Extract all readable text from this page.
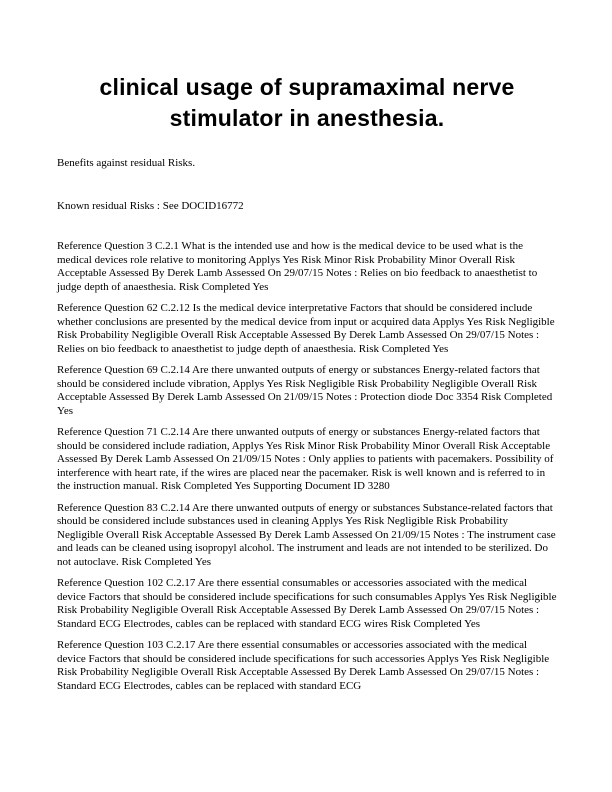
clinical usage of supramaximal nerve stimulator in anesthesia.
Benefits against residual Risks.
Known residual Risks : See DOCID16772

Reference Question 3 C.2.1 What is the intended use and how is the medical device to be used what is the medical devices role relative to monitoring Applys Yes Risk Minor Risk Probability Minor Overall Risk Acceptable Assessed By Derek Lamb Assessed On 29/07/15 Notes : Relies on bio feedback to anaesthetist to judge depth of anaesthesia. Risk Completed Yes

Reference Question 62 C.2.12 Is the medical device interpretative Factors that should be considered include whether conclusions are presented by the medical device from input or acquired data Applys Yes Risk Negligible Risk Probability Negligible Overall Risk Acceptable Assessed By Derek Lamb Assessed On 29/07/15 Notes : Relies on bio feedback to anaesthetist to judge depth of anaesthesia. Risk Completed Yes

Reference Question 69 C.2.14 Are there unwanted outputs of energy or substances Energy-related factors that should be considered include vibration, Applys Yes Risk Negligible Risk Probability Negligible Overall Risk Acceptable Assessed By Derek Lamb Assessed On 21/09/15 Notes : Protection diode Doc 3354 Risk Completed Yes

Reference Question 71 C.2.14 Are there unwanted outputs of energy or substances Energy-related factors that should be considered include radiation, Applys Yes Risk Minor Risk Probability Minor Overall Risk Acceptable Assessed By Derek Lamb Assessed On 21/09/15 Notes : Only applies to patients with pacemakers. Possibility of interference with heart rate, if the wires are placed near the pacemaker. Risk is well known and is referred to in the instruction manual. Risk Completed Yes Supporting Document ID 3280

Reference Question 83 C.2.14 Are there unwanted outputs of energy or substances Substance-related factors that should be considered include substances used in cleaning Applys Yes Risk Negligible Risk Probability Negligible Overall Risk Acceptable Assessed By Derek Lamb Assessed On 21/09/15 Notes : The instrument case and leads can be cleaned using isopropyl alcohol. The instrument and leads are not intended to be sterilized. Do not autoclave. Risk Completed Yes

Reference Question 102 C.2.17 Are there essential consumables or accessories associated with the medical device Factors that should be considered include specifications for such consumables Applys Yes Risk Negligible Risk Probability Negligible Overall Risk Acceptable Assessed By Derek Lamb Assessed On 29/07/15 Notes : Standard ECG Electrodes, cables can be replaced with standard ECG wires Risk Completed Yes

Reference Question 103 C.2.17 Are there essential consumables or accessories associated with the medical device Factors that should be considered include specifications for such accessories Applys Yes Risk Negligible Risk Probability Negligible Overall Risk Acceptable Assessed By Derek Lamb Assessed On 29/07/15 Notes : Standard ECG Electrodes, cables can be replaced with standard ECG
